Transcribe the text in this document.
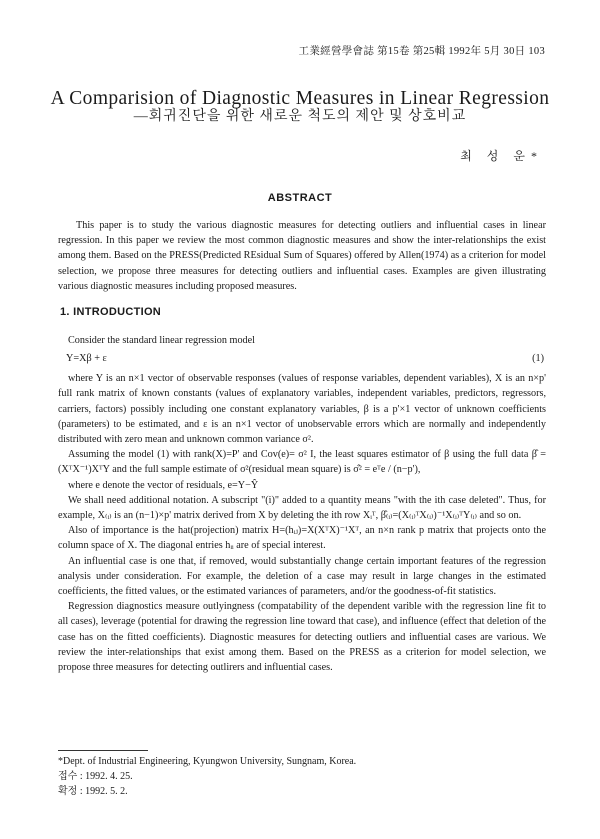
工業經營學會誌 第15卷 第25輯 1992年 5月 30日 103
A Comparision of Diagnostic Measures in Linear Regression
—회귀진단을 위한 새로운 척도의 제안 및 상호비교
최 성 운*
ABSTRACT

This paper is to study the various diagnostic measures for detecting outliers and influential cases in linear regression. In this paper we review the most common diagnostic measures and show the inter-relationships the exist among them. Based on the PRESS(Predicted REsidual Sum of Squares) offered by Allen(1974) as a criterion for model selection, we propose three measures for detecting outliers and influential cases. Examples are given illustrating various diagnostic measures including proposed measures.

1. INTRODUCTION

Consider the standard linear regression model

Y=Xβ + ε	(1)

where Y is an n×1 vector of observable responses (values of response variables, dependent variables), X is an n×p' full rank matrix of known constants (values of explanatory variables, independent variables, predictors, regressors, carriers, factors) possibly including one constant explanatory variables, β is a p'×1 vector of unknown coefficients (parameters) to be estimated, and ε is an n×1 vector of unobservable errors which are normally and independently distributed with zero mean and unknown common variance σ².

Assuming the model (1) with rank(X)=P' and Cov(e)= σ² I, the least squares estimator of β using the full data β̂ =(XᵀX⁻¹)XᵀY and the full sample estimate of σ²(residual mean square) is σ̂² = eᵀe / (n−p'),

where e denote the vector of residuals, e=Y−Ŷ

We shall need additional notation. A subscript "(i)" added to a quantity means "with the ith case deleted". Thus, for example, X₍ᵢ₎ is an (n−1)×p' matrix derived from X by deleting the ith row Xᵢᵀ, β̂₍ᵢ₎=(X₍ᵢ₎ᵀX₍ᵢ₎)⁻¹X₍ᵢ₎ᵀY₍ᵢ₎ and so on.

Also of importance is the hat(projection) matrix H=(hᵢⱼ)=X(XᵀX)⁻¹Xᵀ, an n×n rank p matrix that projects onto the column space of X. The diagonal entries hᵢᵢ are of special interest.

An influential case is one that, if removed, would substantially change certain important features of the regression analysis under consideration. For example, the deletion of a case may result in large changes in the estimated coefficients, the fitted values, or the estimated variances of parameters, and/or the goodness-of-fit statistics.

Regression diagnostics measure outlyingness (compatability of the dependent varible with the regression line fit to all cases), leverage (potential for drawing the regression line toward that case), and influence (effect that deletion of the case has on the fitted coefficients). Diagnostic measures for detecting outliers and influential cases are various. We review the inter-relationships that exist among them. Based on the PRESS as a criterion for model selection, we propose three measures for detecting outlirers and influential cases.

*Dept. of Industrial Engineering, Kyungwon University, Sungnam, Korea.
접수 : 1992. 4. 25.
확정 : 1992. 5. 2.
